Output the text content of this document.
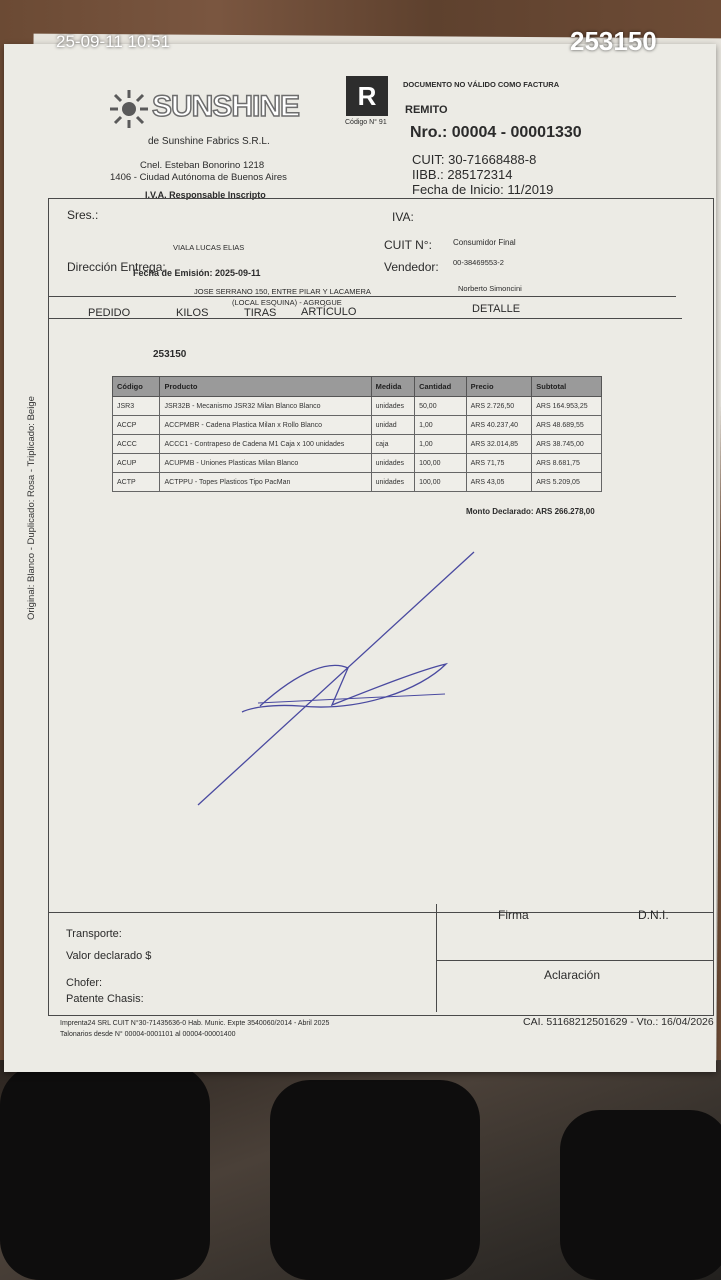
SUNSHINE
de Sunshine Fabrics S.R.L.
Cnel. Esteban Bonorino 1218
1406 - Ciudad Autónoma de Buenos Aires
I.V.A. Responsable Inscripto
R
Código N° 91
DOCUMENTO NO VÁLIDO COMO FACTURA
REMITO
Nro.: 00004 - 00001330
CUIT: 30-71668488-8
IIBB.: 285172314
Fecha de Inicio: 11/2019
Sres.:	IVA:
VIALA LUCAS ELIAS	CUIT N°:	Consumidor Final
Dirección Entrega:
Fecha de Emisión: 2025-09-11	Vendedor: 00-38469553-2
JOSE SERRANO 150, ENTRE PILAR Y LACAMERA
(LOCAL ESQUINA) - AGROGUE
Norberto Simoncini
PEDIDO	KILOS	TIRAS ARTÍCULO	DETALLE
253150
Código	Producto	Medida	Cantidad	Precio	Subtotal
JSR3	JSR32B - Mecanismo JSR32 Milan Blanco Blanco	unidades	50,00	ARS 2.726,50	ARS 164.953,25
ACCP	ACCPMBR - Cadena Plastica Milan x Rollo Blanco	unidad	1,00	ARS 40.237,40	ARS 48.689,55
ACCC	ACCC1 - Contrapeso de Cadena M1 Caja x 100 unidades	caja	1,00	ARS 32.014,85	ARS 38.745,00
ACUP	ACUPMB - Uniones Plasticas Milan Blanco	unidades	100,00	ARS 71,75	ARS 8.681,75
ACTP	ACTPPU - Topes Plasticos Tipo PacMan	unidades	100,00	ARS 43,05	ARS 5.209,05
Monto Declarado: ARS 266.278,00
Transporte:
Valor declarado $
Chofer:
Patente Chasis:
Firma	D.N.I.
Aclaración
Imprenta24 SRL CUIT N°30-71435636-0 Hab. Munic. Expte 3540060/2014 - Abril 2025
Talonarios desde N° 00004-0001101 al 00004-00001400
CAI. 51168212501629 - Vto.: 16/04/2026
Original: Blanco - Duplicado: Rosa - Triplicado: Beige
25-09-11 10:51	253150
